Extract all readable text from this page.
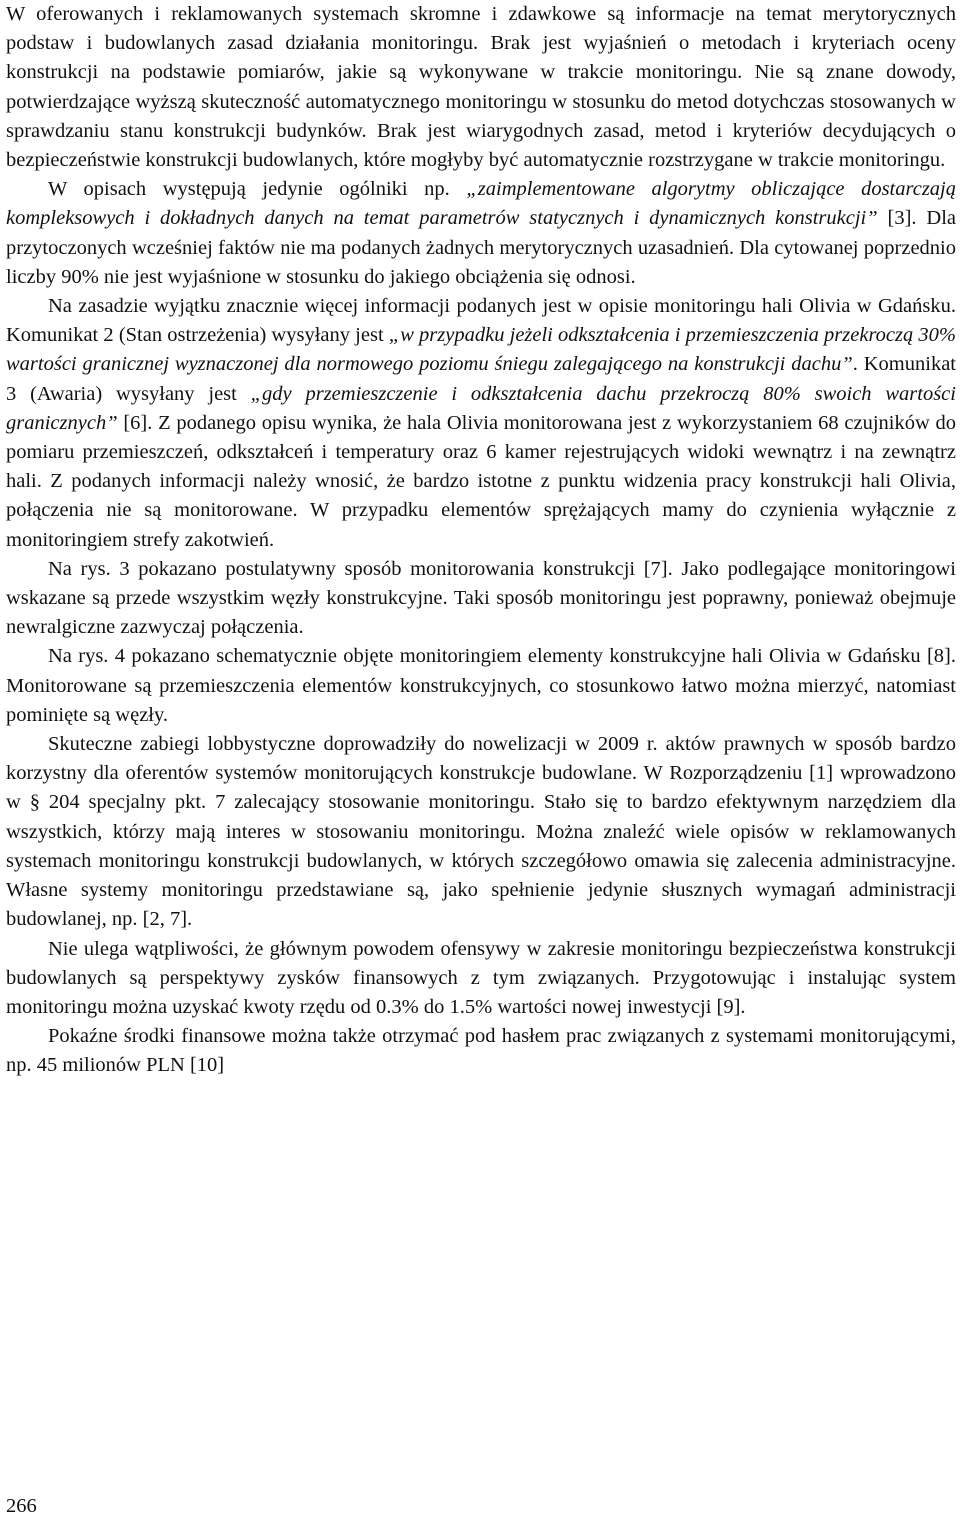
W oferowanych i reklamowanych systemach skromne i zdawkowe są informacje na temat merytorycznych podstaw i budowlanych zasad działania monitoringu. Brak jest wyjaśnień o metodach i kryteriach oceny konstrukcji na podstawie pomiarów, jakie są wykonywane w trakcie monitoringu. Nie są znane dowody, potwierdzające wyższą skuteczność automatycznego monitoringu w stosunku do metod dotychczas stosowanych w sprawdzaniu stanu konstrukcji budynków. Brak jest wiarygodnych zasad, metod i kryteriów decydujących o bezpieczeństwie konstrukcji budowlanych, które mogłyby być automatycznie rozstrzygane w trakcie monitoringu.

W opisach występują jedynie ogólniki np. „zaimplementowane algorytmy obliczające dostarczają kompleksowych i dokładnych danych na temat parametrów statycznych i dynamicznych konstrukcji” [3]. Dla przytoczonych wcześniej faktów nie ma podanych żadnych merytorycznych uzasadnień. Dla cytowanej poprzednio liczby 90% nie jest wyjaśnione w stosunku do jakiego obciążenia się odnosi.

Na zasadzie wyjątku znacznie więcej informacji podanych jest w opisie monitoringu hali Olivia w Gdańsku. Komunikat 2 (Stan ostrzeżenia) wysyłany jest „w przypadku jeżeli odkształcenia i przemieszczenia przekroczą 30% wartości granicznej wyznaczonej dla normowego poziomu śniegu zalegającego na konstrukcji dachu”. Komunikat 3 (Awaria) wysyłany jest „gdy przemieszczenie i odkształcenia dachu przekroczą 80% swoich wartości granicznych” [6]. Z podanego opisu wynika, że hala Olivia monitorowana jest z wykorzystaniem 68 czujników do pomiaru przemieszczeń, odkształceń i temperatury oraz 6 kamer rejestrujących widoki wewnątrz i na zewnątrz hali. Z podanych informacji należy wnosić, że bardzo istotne z punktu widzenia pracy konstrukcji hali Olivia, połączenia nie są monitorowane. W przypadku elementów sprężających mamy do czynienia wyłącznie z monitoringiem strefy zakotwień.

Na rys. 3 pokazano postulatywny sposób monitorowania konstrukcji [7]. Jako podlegające monitoringowi wskazane są przede wszystkim węzły konstrukcyjne. Taki sposób monitoringu jest poprawny, ponieważ obejmuje newralgiczne zazwyczaj połączenia.

Na rys. 4 pokazano schematycznie objęte monitoringiem elementy konstrukcyjne hali Olivia w Gdańsku [8]. Monitorowane są przemieszczenia elementów konstrukcyjnych, co stosunkowo łatwo można mierzyć, natomiast pominięte są węzły.

Skuteczne zabiegi lobbystyczne doprowadziły do nowelizacji w 2009 r. aktów prawnych w sposób bardzo korzystny dla oferentów systemów monitorujących konstrukcje budowlane. W Rozporządzeniu [1] wprowadzono w § 204 specjalny pkt. 7 zalecający stosowanie monitoringu. Stało się to bardzo efektywnym narzędziem dla wszystkich, którzy mają interes w stosowaniu monitoringu. Można znaleźć wiele opisów w reklamowanych systemach monitoringu konstrukcji budowlanych, w których szczegółowo omawia się zalecenia administracyjne. Własne systemy monitoringu przedstawiane są, jako spełnienie jedynie słusznych wymagań administracji budowlanej, np. [2, 7].

Nie ulega wątpliwości, że głównym powodem ofensywy w zakresie monitoringu bezpieczeństwa konstrukcji budowlanych są perspektywy zysków finansowych z tym związanych. Przygotowując i instalując system monitoringu można uzyskać kwoty rzędu od 0.3% do 1.5% wartości nowej inwestycji [9].

Pokaźne środki finansowe można także otrzymać pod hasłem prac związanych z systemami monitorującymi, np. 45 milionów PLN [10]

266
